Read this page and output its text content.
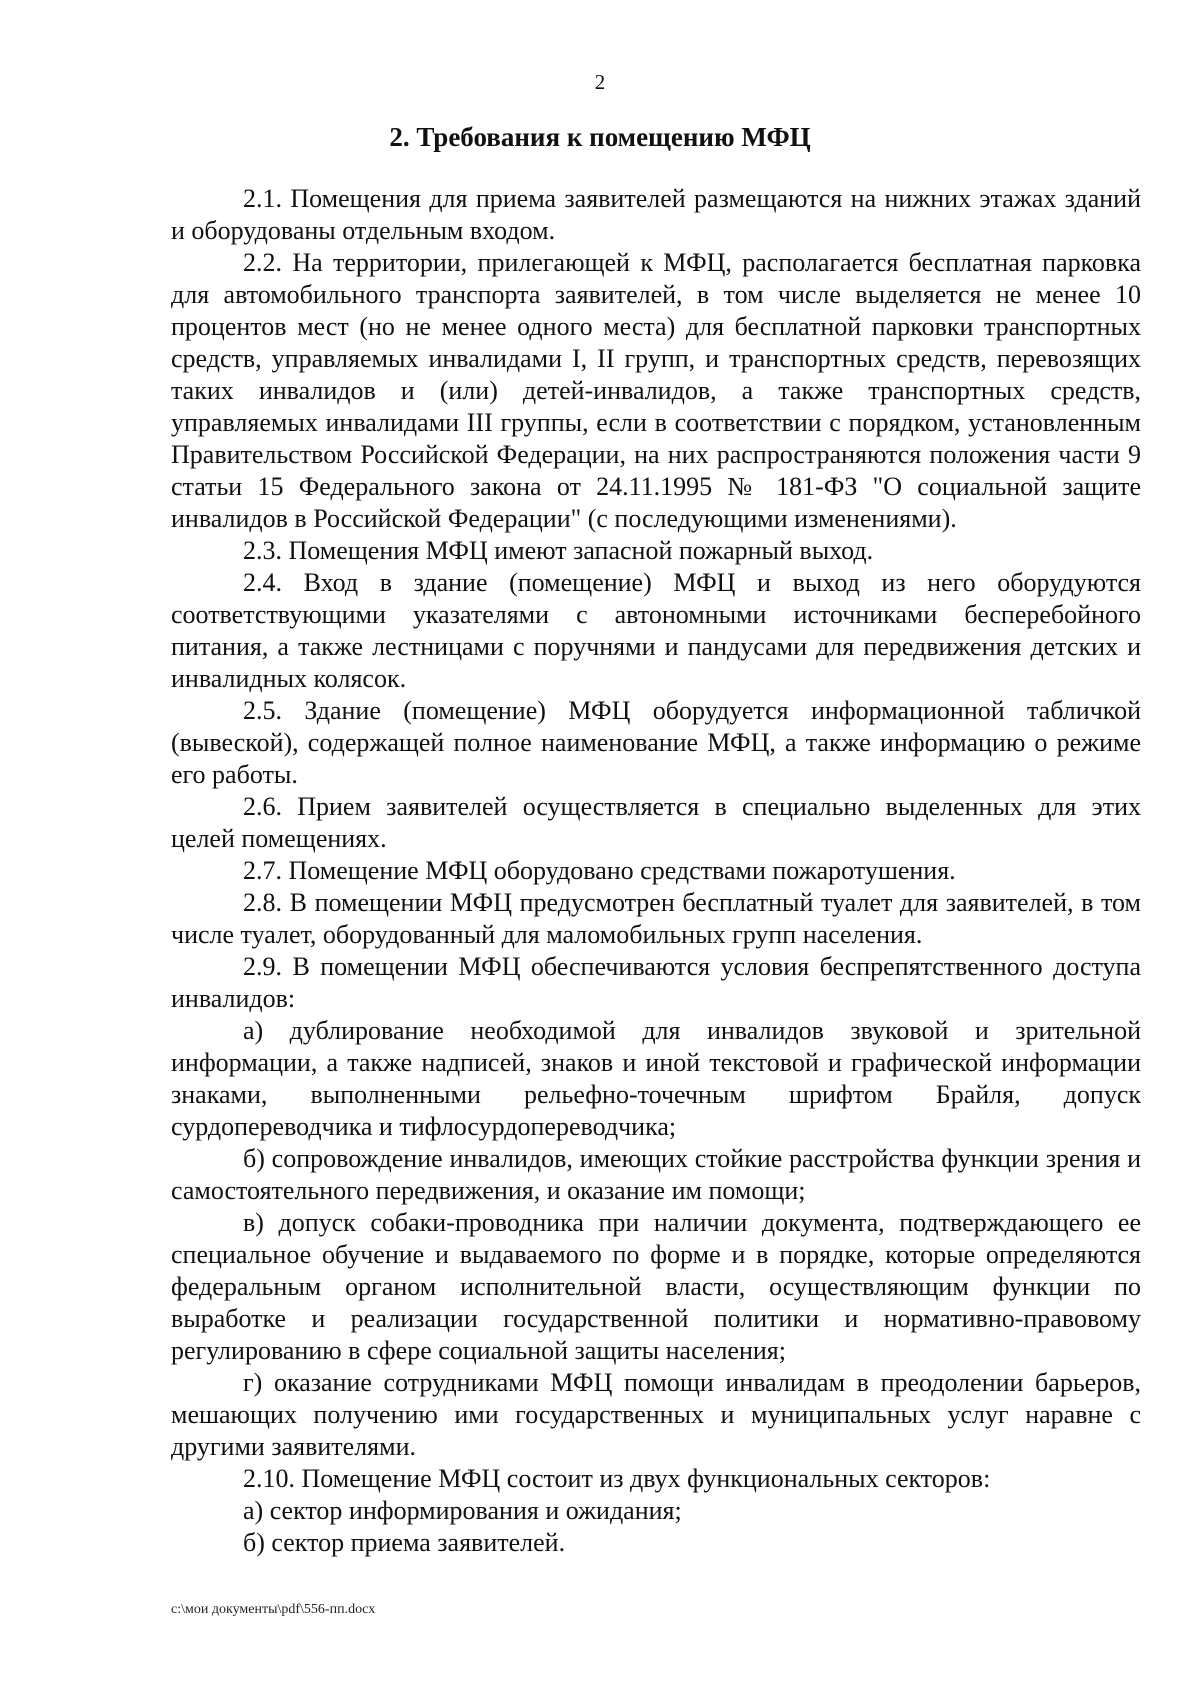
2
2. Требования к помещению МФЦ

2.1. Помещения для приема заявителей размещаются на нижних этажах зданий и оборудованы отдельным входом.

2.2. На территории, прилегающей к МФЦ, располагается бесплатная парковка для автомобильного транспорта заявителей, в том числе выделяется не менее 10 процентов мест (но не менее одного места) для бесплатной парковки транспортных средств, управляемых инвалидами I, II групп, и транспортных средств, перевозящих таких инвалидов и (или) детей-инвалидов, а также транспортных средств, управляемых инвалидами III группы, если в соответствии с порядком, установленным Правительством Российской Федерации, на них распространяются положения части 9 статьи 15 Федерального закона от 24.11.1995 № 181-ФЗ "О социальной защите инвалидов в Российской Федерации" (с последующими изменениями).

2.3. Помещения МФЦ имеют запасной пожарный выход.

2.4. Вход в здание (помещение) МФЦ и выход из него оборудуются соответствующими указателями с автономными источниками бесперебойного питания, а также лестницами с поручнями и пандусами для передвижения детских и инвалидных колясок.

2.5. Здание (помещение) МФЦ оборудуется информационной табличкой (вывеской), содержащей полное наименование МФЦ, а также информацию о режиме его работы.

2.6. Прием заявителей осуществляется в специально выделенных для этих целей помещениях.

2.7. Помещение МФЦ оборудовано средствами пожаротушения.

2.8. В помещении МФЦ предусмотрен бесплатный туалет для заявителей, в том числе туалет, оборудованный для маломобильных групп населения.

2.9. В помещении МФЦ обеспечиваются условия беспрепятственного доступа инвалидов:

а) дублирование необходимой для инвалидов звуковой и зрительной информации, а также надписей, знаков и иной текстовой и графической информации знаками, выполненными рельефно-точечным шрифтом Брайля, допуск сурдопереводчика и тифлосурдопереводчика;

б) сопровождение инвалидов, имеющих стойкие расстройства функции зрения и самостоятельного передвижения, и оказание им помощи;

в) допуск собаки-проводника при наличии документа, подтверждающего ее специальное обучение и выдаваемого по форме и в порядке, которые определяются федеральным органом исполнительной власти, осуществляющим функции по выработке и реализации государственной политики и нормативно-правовому регулированию в сфере социальной защиты населения;

г) оказание сотрудниками МФЦ помощи инвалидам в преодолении барьеров, мешающих получению ими государственных и муниципальных услуг наравне с другими заявителями.

2.10. Помещение МФЦ состоит из двух функциональных секторов:

а) сектор информирования и ожидания;

б) сектор приема заявителей.

c:\мои документы\pdf\556-пп.docx
